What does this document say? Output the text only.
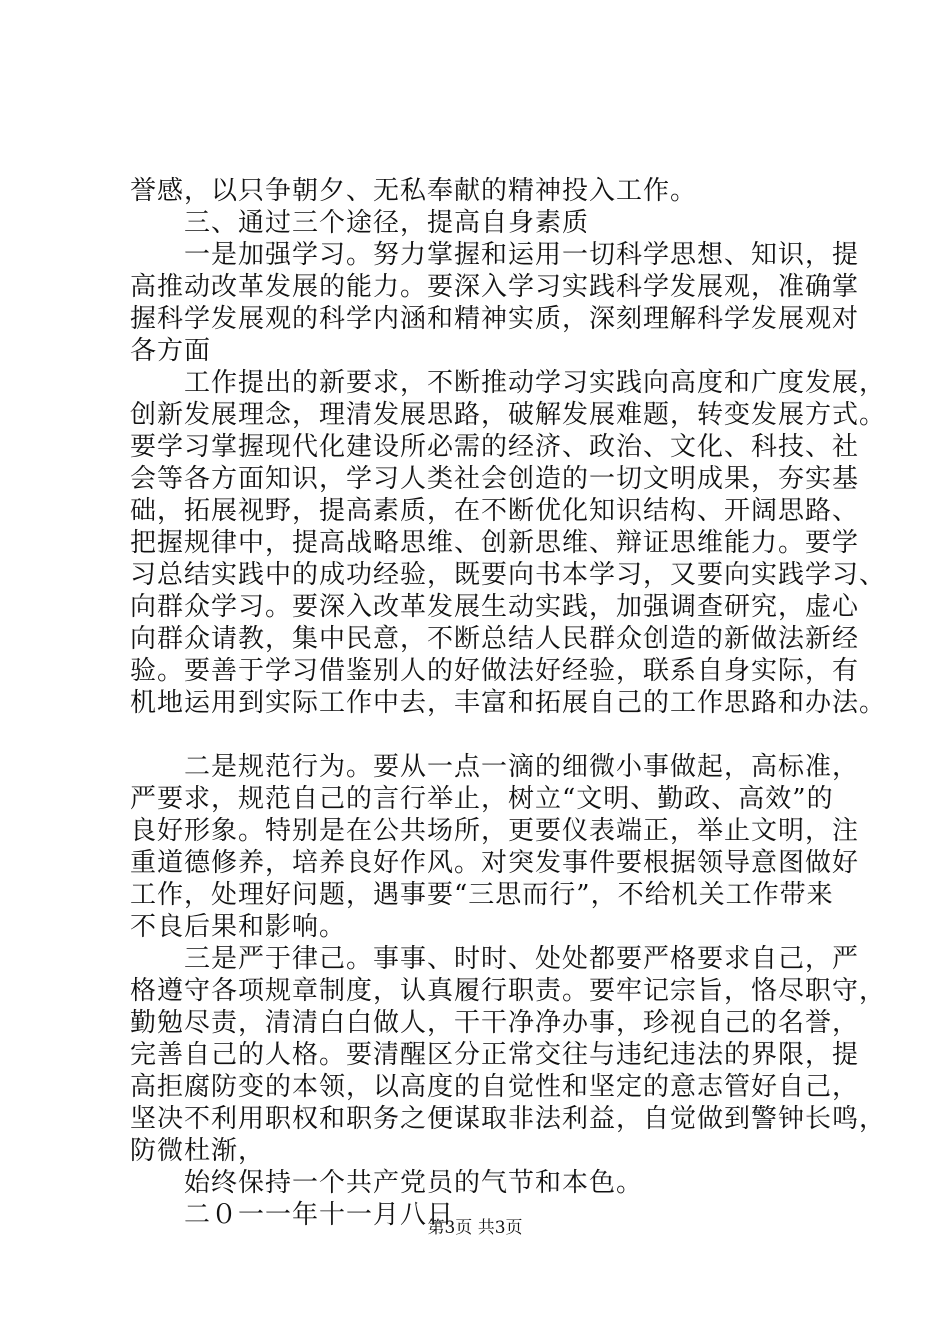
誉感，以只争朝夕、无私奉献的精神投入工作。
　　三、通过三个途径，提高自身素质
　　一是加强学习。努力掌握和运用一切科学思想、知识，提
高推动改革发展的能力。要深入学习实践科学发展观，准确掌
握科学发展观的科学内涵和精神实质，深刻理解科学发展观对
各方面
　　工作提出的新要求，不断推动学习实践向高度和广度发展，
创新发展理念，理清发展思路，破解发展难题，转变发展方式。
要学习掌握现代化建设所必需的经济、政治、文化、科技、社
会等各方面知识，学习人类社会创造的一切文明成果，夯实基
础，拓展视野，提高素质，在不断优化知识结构、开阔思路、
把握规律中，提高战略思维、创新思维、辩证思维能力。要学
习总结实践中的成功经验，既要向书本学习，又要向实践学习、
向群众学习。要深入改革发展生动实践，加强调查研究，虚心
向群众请教，集中民意，不断总结人民群众创造的新做法新经
验。要善于学习借鉴别人的好做法好经验，联系自身实际，有
机地运用到实际工作中去，丰富和拓展自己的工作思路和办法。
　　二是规范行为。要从一点一滴的细微小事做起，高标准，
严要求，规范自己的言行举止，树立“文明、勤政、高效”的
良好形象。特别是在公共场所，更要仪表端正，举止文明，注
重道德修养，培养良好作风。对突发事件要根据领导意图做好
工作，处理好问题，遇事要“三思而行”，不给机关工作带来
不良后果和影响。
　　三是严于律己。事事、时时、处处都要严格要求自己，严
格遵守各项规章制度，认真履行职责。要牢记宗旨，恪尽职守，
勤勉尽责，清清白白做人，干干净净办事，珍视自己的名誉，
完善自己的人格。要清醒区分正常交往与违纪违法的界限，提
高拒腐防变的本领，以高度的自觉性和坚定的意志管好自己，
坚决不利用职权和职务之便谋取非法利益，自觉做到警钟长鸣，
防微杜渐，
　　始终保持一个共产党员的气节和本色。
　　二０一一年十一月八日
第3页 共3页
